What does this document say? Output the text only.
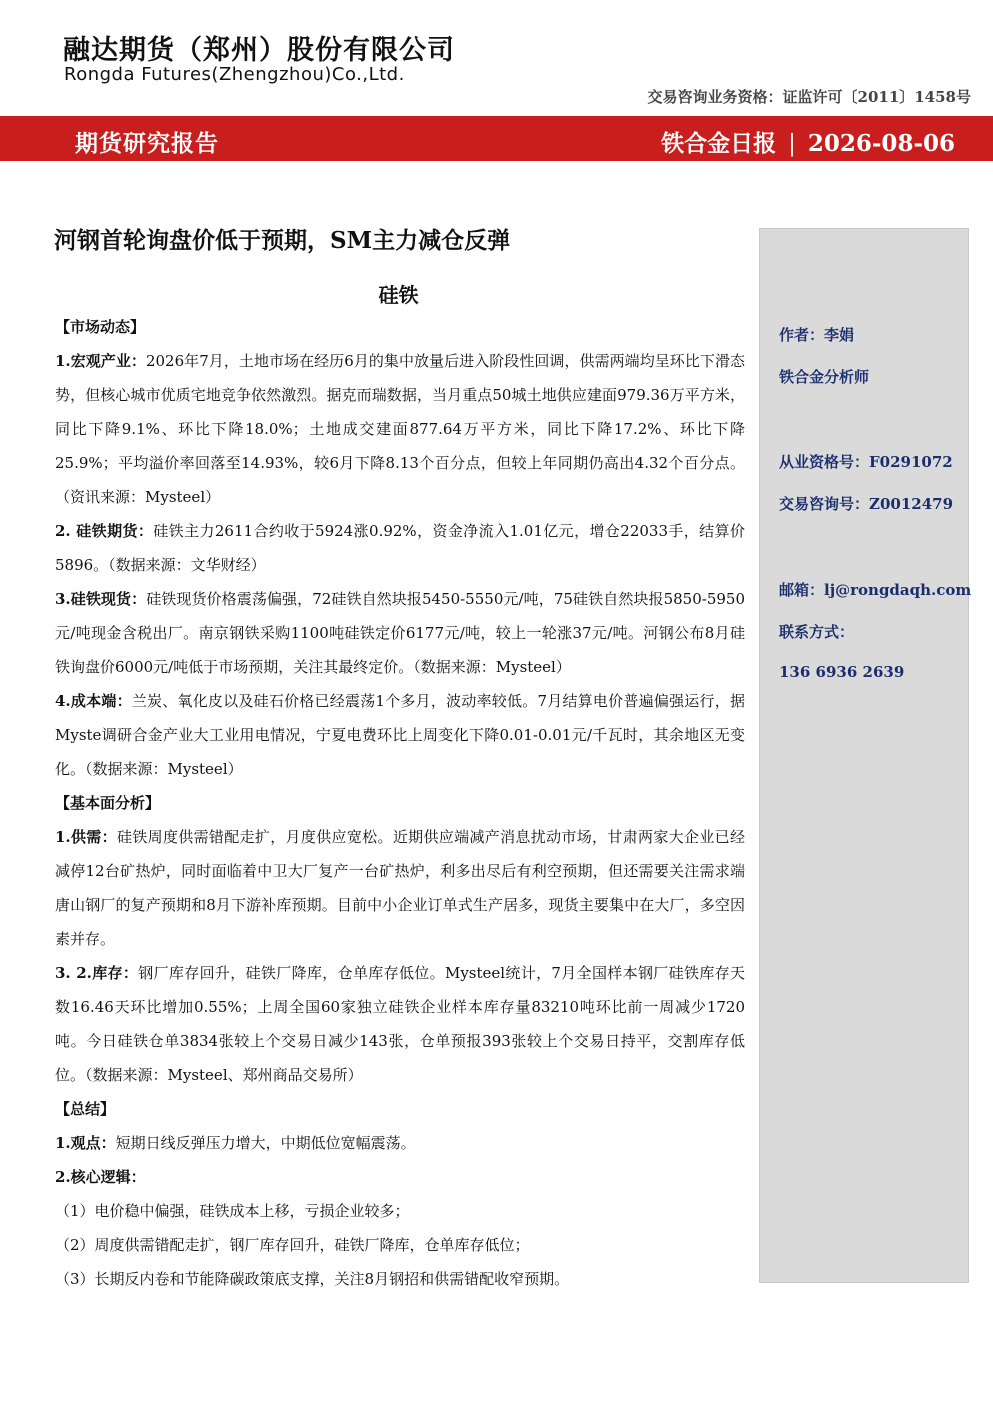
融达期货（郑州）股份有限公司
Rongda Futures(Zhengzhou)Co.,Ltd.
交易咨询业务资格：证监许可〔2011〕1458号
期货研究报告	铁合金日报 | 2026-08-06
河钢首轮询盘价低于预期，SM主力减仓反弹
硅铁
【市场动态】

1.宏观产业：2026年7月，土地市场在经历6月的集中放量后进入阶段性回调，供需两端均呈环比下滑态势，但核心城市优质宅地竞争依然激烈。据克而瑞数据，当月重点50城土地供应建面979.36万平方米，同比下降9.1%、环比下降18.0%；土地成交建面877.64万平方米，同比下降17.2%、环比下降25.9%；平均溢价率回落至14.93%，较6月下降8.13个百分点，但较上年同期仍高出4.32个百分点。（资讯来源：Mysteel）

2. 硅铁期货：硅铁主力2611合约收于5924涨0.92%，资金净流入1.01亿元，增仓22033手，结算价5896。（数据来源：文华财经）

3.硅铁现货：硅铁现货价格震荡偏强，72硅铁自然块报5450-5550元/吨，75硅铁自然块报5850-5950元/吨现金含税出厂。南京钢铁采购1100吨硅铁定价6177元/吨，较上一轮涨37元/吨。河钢公布8月硅铁询盘价6000元/吨低于市场预期，关注其最终定价。（数据来源：Mysteel）

4.成本端：兰炭、氧化皮以及硅石价格已经震荡1个多月，波动率较低。7月结算电价普遍偏强运行，据Myste调研合金产业大工业用电情况，宁夏电费环比上周变化下降0.01-0.01元/千瓦时，其余地区无变化。（数据来源：Mysteel）

【基本面分析】

1.供需：硅铁周度供需错配走扩，月度供应宽松。近期供应端减产消息扰动市场，甘肃两家大企业已经减停12台矿热炉，同时面临着中卫大厂复产一台矿热炉，利多出尽后有利空预期，但还需要关注需求端唐山钢厂的复产预期和8月下游补库预期。目前中小企业订单式生产居多，现货主要集中在大厂，多空因素并存。

3. 2.库存：钢厂库存回升，硅铁厂降库，仓单库存低位。Mysteel统计，7月全国样本钢厂硅铁库存天数16.46天环比增加0.55%；上周全国60家独立硅铁企业样本库存量83210吨环比前一周减少1720吨。今日硅铁仓单3834张较上个交易日减少143张，仓单预报393张较上个交易日持平，交割库存低位。（数据来源：Mysteel、郑州商品交易所）

【总结】

1.观点：短期日线反弹压力增大，中期低位宽幅震荡。

2.核心逻辑：

（1）电价稳中偏强，硅铁成本上移，亏损企业较多；

（2）周度供需错配走扩，钢厂库存回升，硅铁厂降库，仓单库存低位；

（3）长期反内卷和节能降碳政策底支撑，关注8月钢招和供需错配收窄预期。

作者：李娟
铁合金分析师
从业资格号：F0291072
交易咨询号：Z0012479
邮箱：lj@rongdaqh.com
联系方式：
136 6936 2639
